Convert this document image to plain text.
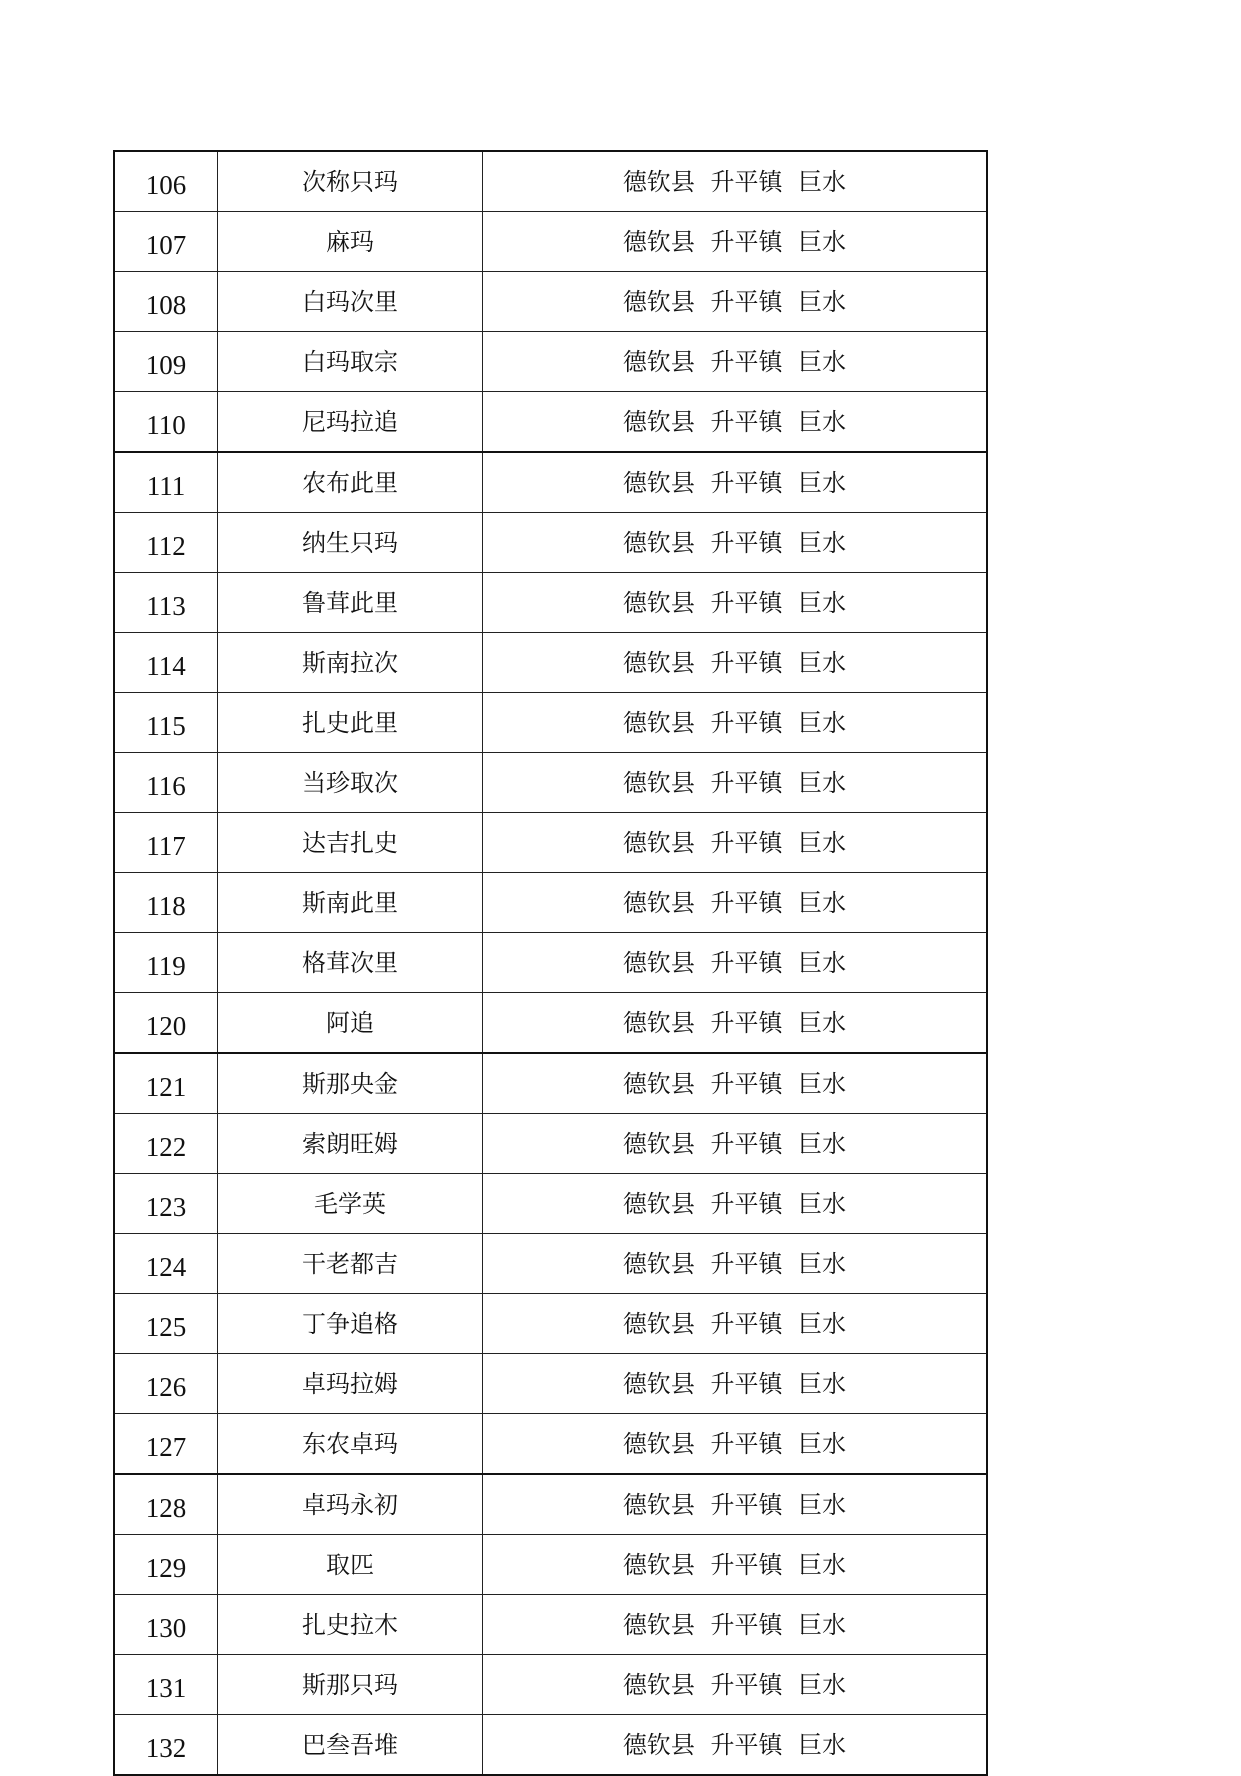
106	次称只玛	德钦县 升平镇 巨水
107	麻玛	德钦县 升平镇 巨水
108	白玛次里	德钦县 升平镇 巨水
109	白玛取宗	德钦县 升平镇 巨水
110	尼玛拉追	德钦县 升平镇 巨水
111	农布此里	德钦县 升平镇 巨水
112	纳生只玛	德钦县 升平镇 巨水
113	鲁茸此里	德钦县 升平镇 巨水
114	斯南拉次	德钦县 升平镇 巨水
115	扎史此里	德钦县 升平镇 巨水
116	当珍取次	德钦县 升平镇 巨水
117	达吉扎史	德钦县 升平镇 巨水
118	斯南此里	德钦县 升平镇 巨水
119	格茸次里	德钦县 升平镇 巨水
120	阿追	德钦县 升平镇 巨水
121	斯那央金	德钦县 升平镇 巨水
122	索朗旺姆	德钦县 升平镇 巨水
123	毛学英	德钦县 升平镇 巨水
124	干老都吉	德钦县 升平镇 巨水
125	丁争追格	德钦县 升平镇 巨水
126	卓玛拉姆	德钦县 升平镇 巨水
127	东农卓玛	德钦县 升平镇 巨水
128	卓玛永初	德钦县 升平镇 巨水
129	取匹	德钦县 升平镇 巨水
130	扎史拉木	德钦县 升平镇 巨水
131	斯那只玛	德钦县 升平镇 巨水
132	巴叁吾堆	德钦县 升平镇 巨水
